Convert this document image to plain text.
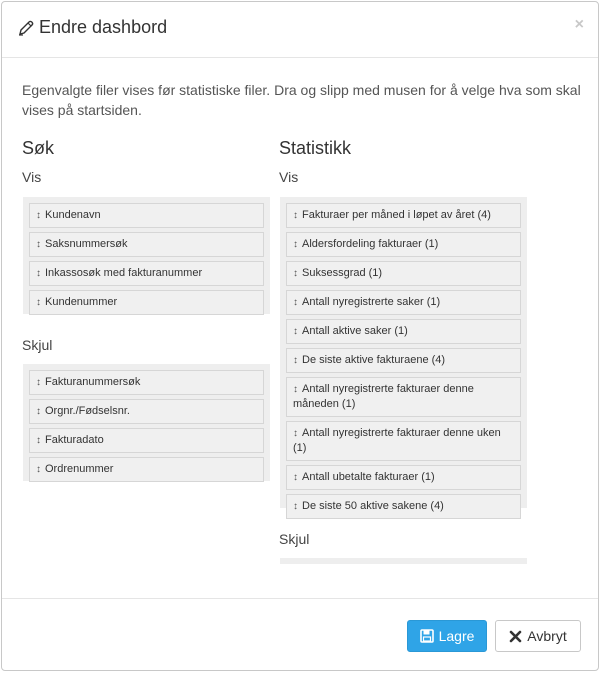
Endre dashbord	×
Egenvalgte filer vises før statistiske filer. Dra og slipp med musen for å velge hva som skal vises på startsiden.
Søk
Vis
↕ Kundenavn
↕ Saksnummersøk
↕ Inkassosøk med fakturanummer
↕ Kundenummer
Skjul
↕ Fakturanummersøk
↕ Orgnr./Fødselsnr.
↕ Fakturadato
↕ Ordrenummer
Statistikk
Vis
↕ Fakturaer per måned i løpet av året (4)
↕ Aldersfordeling fakturaer (1)
↕ Suksessgrad (1)
↕ Antall nyregistrerte saker (1)
↕ Antall aktive saker (1)
↕ De siste aktive fakturaene (4)
↕ Antall nyregistrerte fakturaer denne måneden (1)
↕ Antall nyregistrerte fakturaer denne uken (1)
↕ Antall ubetalte fakturaer (1)
↕ De siste 50 aktive sakene (4)
Skjul
Lagre	Avbryt
